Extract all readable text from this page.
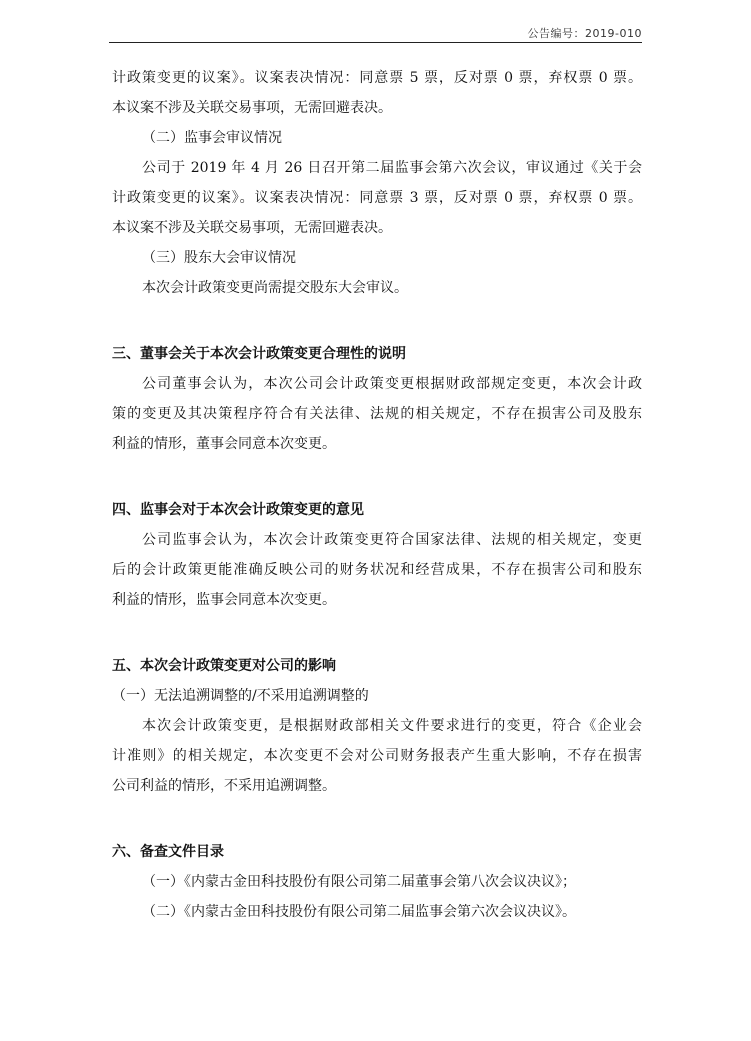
公告编号：2019-010
计政策变更的议案》。议案表决情况：同意票 5 票，反对票 0 票，弃权票 0 票。
本议案不涉及关联交易事项，无需回避表决。
（二）监事会审议情况
公司于 2019 年 4 月 26 日召开第二届监事会第六次会议，审议通过《关于会
计政策变更的议案》。议案表决情况：同意票 3 票，反对票 0 票，弃权票 0 票。
本议案不涉及关联交易事项，无需回避表决。
（三）股东大会审议情况
本次会计政策变更尚需提交股东大会审议。
三、董事会关于本次会计政策变更合理性的说明
公司董事会认为，本次公司会计政策变更根据财政部规定变更，本次会计政
策的变更及其决策程序符合有关法律、法规的相关规定，不存在损害公司及股东
利益的情形，董事会同意本次变更。
四、监事会对于本次会计政策变更的意见
公司监事会认为，本次会计政策变更符合国家法律、法规的相关规定，变更
后的会计政策更能准确反映公司的财务状况和经营成果，不存在损害公司和股东
利益的情形，监事会同意本次变更。
五、本次会计政策变更对公司的影响
（一）无法追溯调整的/不采用追溯调整的
本次会计政策变更，是根据财政部相关文件要求进行的变更，符合《企业会
计准则》的相关规定，本次变更不会对公司财务报表产生重大影响，不存在损害
公司利益的情形，不采用追溯调整。
六、备查文件目录
（一）《内蒙古金田科技股份有限公司第二届董事会第八次会议决议》；
（二）《内蒙古金田科技股份有限公司第二届监事会第六次会议决议》。
